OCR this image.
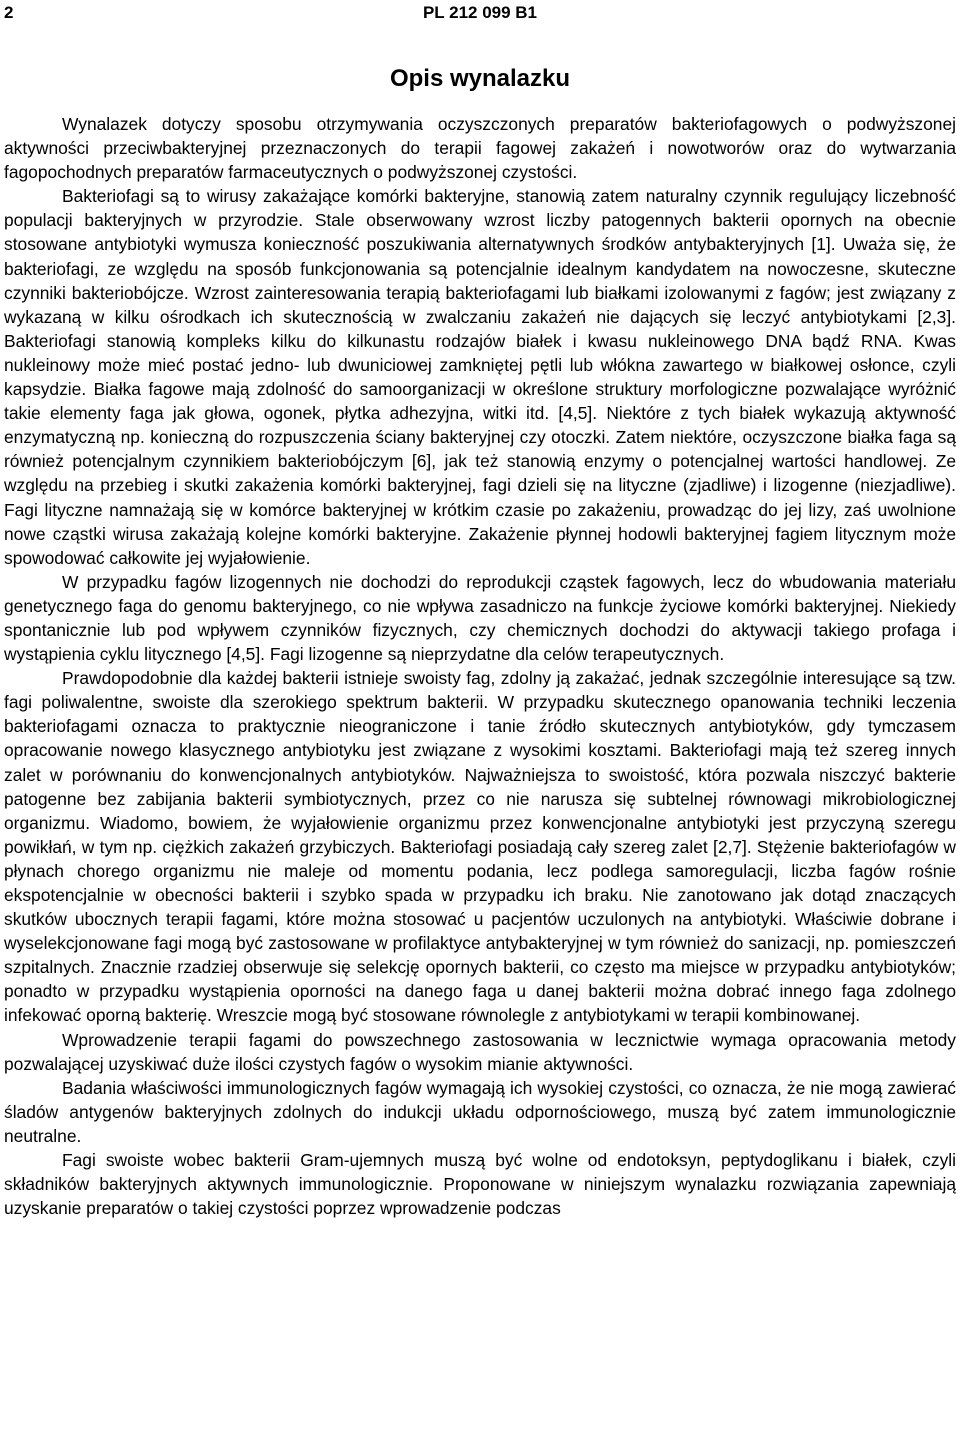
2	PL 212 099 B1
Opis wynalazku

Wynalazek dotyczy sposobu otrzymywania oczyszczonych preparatów bakteriofagowych o podwyższonej aktywności przeciwbakteryjnej przeznaczonych do terapii fagowej zakażeń i nowotworów oraz do wytwarzania fagopochodnych preparatów farmaceutycznych o podwyższonej czystości.

Bakteriofagi są to wirusy zakażające komórki bakteryjne, stanowią zatem naturalny czynnik regulujący liczebność populacji bakteryjnych w przyrodzie. Stale obserwowany wzrost liczby patogennych bakterii opornych na obecnie stosowane antybiotyki wymusza konieczność poszukiwania alternatywnych środków antybakteryjnych [1]. Uważa się, że bakteriofagi, ze względu na sposób funkcjonowania są potencjalnie idealnym kandydatem na nowoczesne, skuteczne czynniki bakteriobójcze. Wzrost zainteresowania terapią bakteriofagami lub białkami izolowanymi z fagów; jest związany z wykazaną w kilku ośrodkach ich skutecznością w zwalczaniu zakażeń nie dających się leczyć antybiotykami [2,3]. Bakteriofagi stanowią kompleks kilku do kilkunastu rodzajów białek i kwasu nukleinowego DNA bądź RNA. Kwas nukleinowy może mieć postać jedno- lub dwuniciowej zamkniętej pętli lub włókna zawartego w białkowej osłonce, czyli kapsydzie. Białka fagowe mają zdolność do samoorganizacji w określone struktury morfologiczne pozwalające wyróżnić takie elementy faga jak głowa, ogonek, płytka adhezyjna, witki itd. [4,5]. Niektóre z tych białek wykazują aktywność enzymatyczną np. konieczną do rozpuszczenia ściany bakteryjnej czy otoczki. Zatem niektóre, oczyszczone białka faga są również potencjalnym czynnikiem bakteriobójczym [6], jak też stanowią enzymy o potencjalnej wartości handlowej. Ze względu na przebieg i skutki zakażenia komórki bakteryjnej, fagi dzieli się na lityczne (zjadliwe) i lizogenne (niezjadliwe). Fagi lityczne namnażają się w komórce bakteryjnej w krótkim czasie po zakażeniu, prowadząc do jej lizy, zaś uwolnione nowe cząstki wirusa zakażają kolejne komórki bakteryjne. Zakażenie płynnej hodowli bakteryjnej fagiem litycznym może spowodować całkowite jej wyjałowienie.

W przypadku fagów lizogennych nie dochodzi do reprodukcji cząstek fagowych, lecz do wbudowania materiału genetycznego faga do genomu bakteryjnego, co nie wpływa zasadniczo na funkcje życiowe komórki bakteryjnej. Niekiedy spontanicznie lub pod wpływem czynników fizycznych, czy chemicznych dochodzi do aktywacji takiego profaga i wystąpienia cyklu litycznego [4,5]. Fagi lizogenne są nieprzydatne dla celów terapeutycznych.

Prawdopodobnie dla każdej bakterii istnieje swoisty fag, zdolny ją zakażać, jednak szczególnie interesujące są tzw. fagi poliwalentne, swoiste dla szerokiego spektrum bakterii. W przypadku skutecznego opanowania techniki leczenia bakteriofagami oznacza to praktycznie nieograniczone i tanie źródło skutecznych antybiotyków, gdy tymczasem opracowanie nowego klasycznego antybiotyku jest związane z wysokimi kosztami. Bakteriofagi mają też szereg innych zalet w porównaniu do konwencjonalnych antybiotyków. Najważniejsza to swoistość, która pozwala niszczyć bakterie patogenne bez zabijania bakterii symbiotycznych, przez co nie narusza się subtelnej równowagi mikrobiologicznej organizmu. Wiadomo, bowiem, że wyjałowienie organizmu przez konwencjonalne antybiotyki jest przyczyną szeregu powikłań, w tym np. ciężkich zakażeń grzybiczych. Bakteriofagi posiadają cały szereg zalet [2,7]. Stężenie bakteriofagów w płynach chorego organizmu nie maleje od momentu podania, lecz podlega samoregulacji, liczba fagów rośnie ekspotencjalnie w obecności bakterii i szybko spada w przypadku ich braku. Nie zanotowano jak dotąd znaczących skutków ubocznych terapii fagami, które można stosować u pacjentów uczulonych na antybiotyki. Właściwie dobrane i wyselekcjonowane fagi mogą być zastosowane w profilaktyce antybakteryjnej w tym również do sanizacji, np. pomieszczeń szpitalnych. Znacznie rzadziej obserwuje się selekcję opornych bakterii, co często ma miejsce w przypadku antybiotyków; ponadto w przypadku wystąpienia oporności na danego faga u danej bakterii można dobrać innego faga zdolnego infekować oporną bakterię. Wreszcie mogą być stosowane równolegle z antybiotykami w terapii kombinowanej.

Wprowadzenie terapii fagami do powszechnego zastosowania w lecznictwie wymaga opracowania metody pozwalającej uzyskiwać duże ilości czystych fagów o wysokim mianie aktywności.

Badania właściwości immunologicznych fagów wymagają ich wysokiej czystości, co oznacza, że nie mogą zawierać śladów antygenów bakteryjnych zdolnych do indukcji układu odpornościowego, muszą być zatem immunologicznie neutralne.

Fagi swoiste wobec bakterii Gram-ujemnych muszą być wolne od endotoksyn, peptydoglikanu i białek, czyli składników bakteryjnych aktywnych immunologicznie. Proponowane w niniejszym wynalazku rozwiązania zapewniają uzyskanie preparatów o takiej czystości poprzez wprowadzenie podczas
